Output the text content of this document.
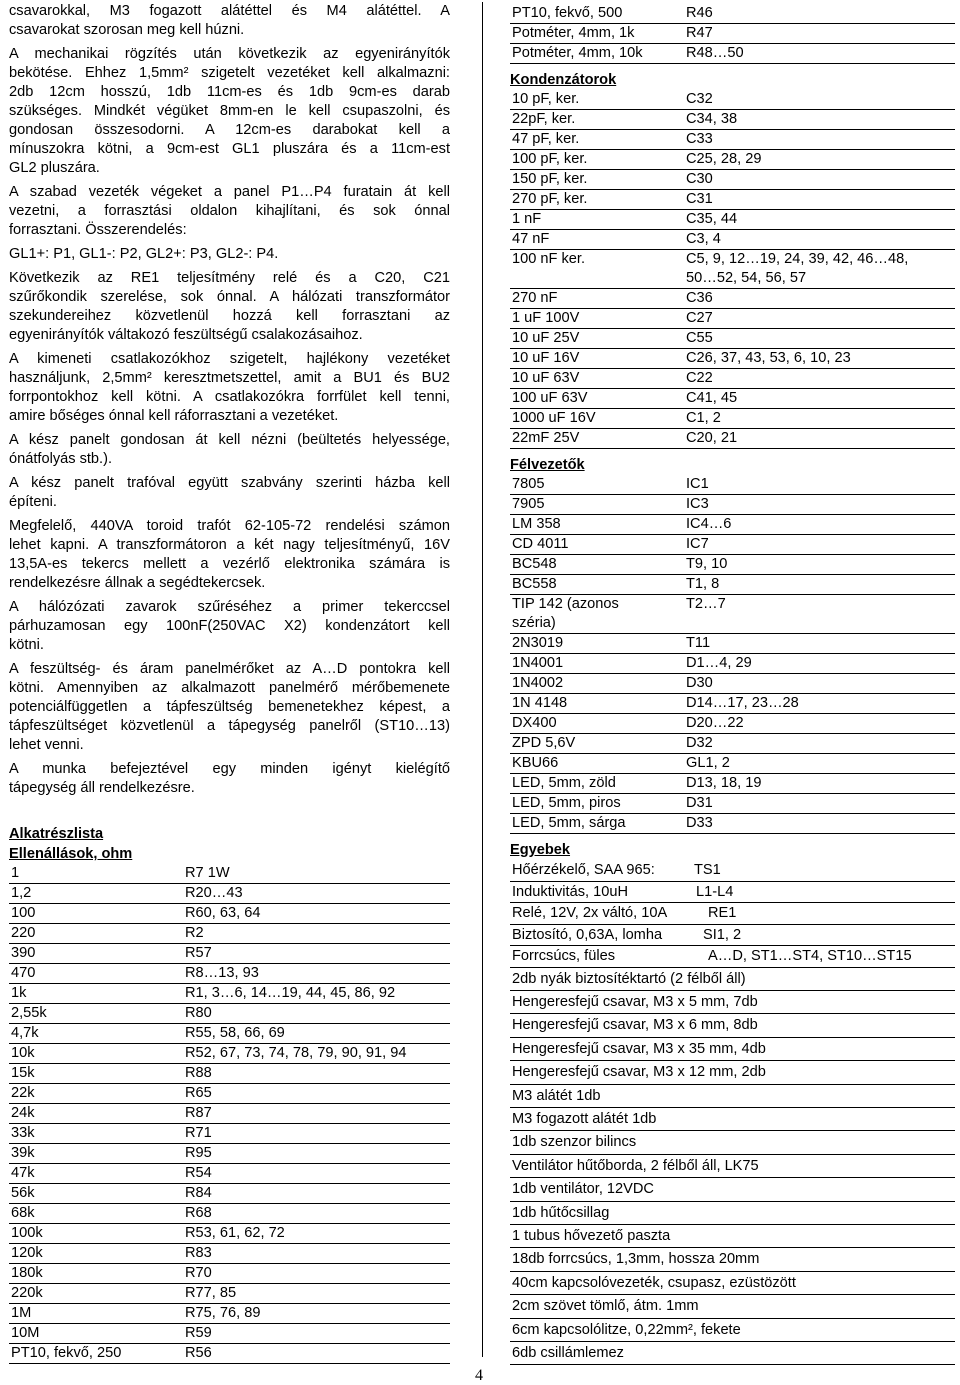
csavarokkal, M3 fogazott alátéttel és M4 alátéttel. A
csavarokat szorosan meg kell húzni.
A mechanikai rögzítés után következik az egyenirányítók
bekötése. Ehhez 1,5mm² szigetelt vezetéket kell alkalmazni:
2db 12cm hosszú, 1db 11cm-es és 1db 9cm-es darab
szükséges. Mindkét végüket 8mm-en le kell csupaszolni, és
gondosan összesodorni. A 12cm-es darabokat kell a
mínuszokra kötni, a 9cm-est GL1 pluszára és a 11cm-est
GL2 pluszára.
A szabad vezeték végeket a panel P1…P4 furatain át kell
vezetni, a forrasztási oldalon kihajlítani, és sok ónnal
forrasztani. Összerendelés:
GL1+: P1, GL1-: P2, GL2+: P3, GL2-: P4.
Következik az RE1 teljesítmény relé és a C20, C21
szűrőkondik szerelése, sok ónnal. A hálózati transzformátor
szekundereihez közvetlenül hozzá kell forrasztani az
egyenirányítók váltakozó feszültségű csalakozásaihoz.
A kimeneti csatlakozókhoz szigetelt, hajlékony vezetéket
használjunk, 2,5mm² keresztmetszettel, amit a BU1 és BU2
forrpontokhoz kell kötni. A csatlakozókra forrfület kell tenni,
amire bőséges ónnal kell ráforrasztani a vezetéket.
A kész panelt gondosan át kell nézni (beültetés helyessége,
ónátfolyás stb.).
A kész panelt trafóval együtt szabvány szerinti házba kell
építeni.
Megfelelő, 440VA toroid trafót 62-105-72 rendelési számon
lehet kapni. A transzformátoron a két nagy teljesítményű, 16V
13,5A-es tekercs mellett a vezérlő elektronika számára is
rendelkezésre állnak a segédtekercsek.
A hálózózati zavarok szűréséhez a primer tekerccsel
párhuzamosan egy 100nF(250VAC X2) kondenzátort kell
kötni.
A feszültség- és áram panelmérőket az A…D pontokra kell
kötni. Amennyiben az alkalmazott panelmérő mérőbemenete
potenciálfüggetlen a tápfeszültség bemenetekhez képest, a
tápfeszültséget közvetlenül a tápegység panelről (ST10…13)
lehet venni.
A munka befejeztével egy minden igényt kielégítő
tápegység áll rendelkezésre.
Alkatrészlista
Ellenállások, ohm
1	R7 1W
1,2	R20…43
100	R60, 63, 64
220	R2
390	R57
470	R8…13, 93
1k	R1, 3…6, 14…19, 44, 45, 86, 92
2,55k	R80
4,7k	R55, 58, 66, 69
10k	R52, 67, 73, 74, 78, 79, 90, 91, 94
15k	R88
22k	R65
24k	R87
33k	R71
39k	R95
47k	R54
56k	R84
68k	R68
100k	R53, 61, 62, 72
120k	R83
180k	R70
220k	R77, 85
1M	R75, 76, 89
10M	R59
PT10, fekvő, 250	R56
PT10, fekvő, 500	R46
Potméter, 4mm, 1k	R47
Potméter, 4mm, 10k	R48…50
Kondenzátorok
10 pF, ker.	C32
22pF, ker.	C34, 38
47 pF, ker.	C33
100 pF, ker.	C25, 28, 29
150 pF, ker.	C30
270 pF, ker.	C31
1 nF	C35, 44
47 nF	C3, 4
100 nF ker.	C5, 9, 12…19, 24, 39, 42, 46…48,
50…52, 54, 56, 57

270 nF	C36
1 uF 100V	C27
10 uF 25V	C55
10 uF 16V	C26, 37, 43, 53, 6, 10, 23
10 uF 63V	C22
100 uF 63V	C41, 45
1000 uF 16V	C1, 2
22mF 25V	C20, 21
Félvezetők
7805	IC1
7905	IC3
LM 358	IC4…6
CD 4011	IC7
BC548	T9, 10
BC558	T1, 8
TIP 142 (azonos	T2…7
széria)

2N3019	T11
1N4001	D1…4, 29
1N4002	D30
1N 4148	D14…17, 23…28
DX400	D20…22
ZPD 5,6V	D32
KBU66	GL1, 2
LED, 5mm, zöld	D13, 18, 19
LED, 5mm, piros	D31
LED, 5mm, sárga	D33
Egyebek
Hőérzékelő, SAA 965:	TS1
Induktivitás, 10uH	L1-L4
Relé, 12V, 2x váltó, 10A	RE1
Biztosító, 0,63A, lomha	SI1, 2
Forrcsúcs, füles	A…D, ST1…ST4, ST10…ST15
2db nyák biztosítéktartó (2 félből áll)
Hengeresfejű csavar, M3 x 5 mm, 7db
Hengeresfejű csavar, M3 x 6 mm, 8db
Hengeresfejű csavar, M3 x 35 mm, 4db
Hengeresfejű csavar, M3 x 12 mm, 2db
M3 alátét 1db
M3 fogazott alátét 1db
1db szenzor bilincs
Ventilátor hűtőborda, 2 félből áll, LK75
1db ventilátor, 12VDC
1db hűtőcsillag
1 tubus hővezető paszta
18db forrcsúcs, 1,3mm, hossza 20mm
40cm kapcsolóvezeték, csupasz, ezüstözött
2cm szövet tömlő, átm. 1mm
6cm kapcsolólitze, 0,22mm², fekete
6db csillámlemez
4
